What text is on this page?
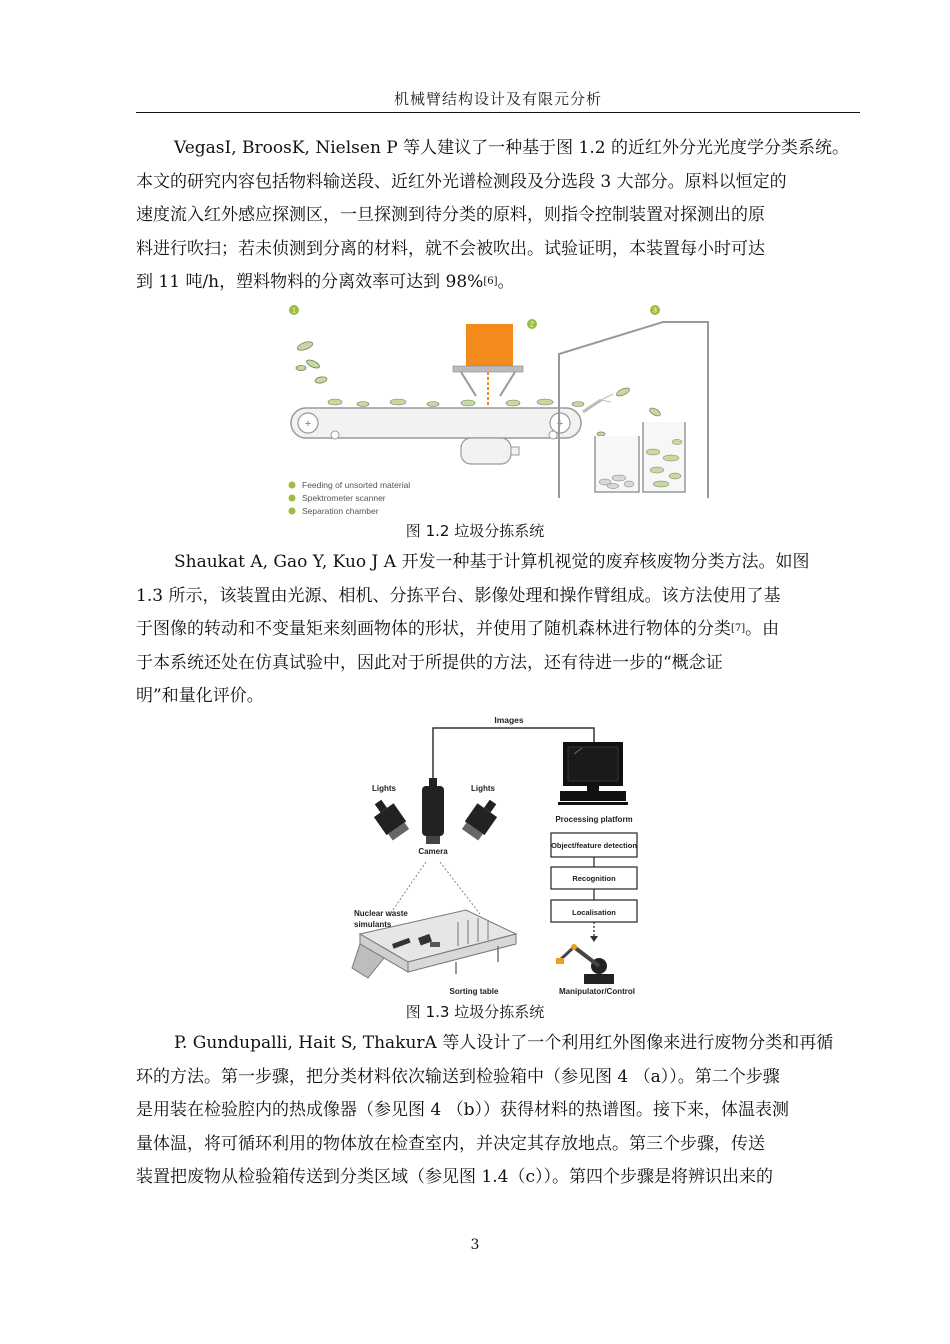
机械臂结构设计及有限元分析
VegasI, BroosK, Nielsen P 等人建议了一种基于图 1.2 的近红外分光光度学分类系统。
本文的研究内容包括物料输送段、近红外光谱检测段及分选段 3 大部分。原料以恒定的
速度流入红外感应探测区，一旦探测到待分类的原料，则指令控制装置对探测出的原
料进行吹扫；若未侦测到分离的材料，就不会被吹出。试验证明，本装置每小时可达
到 11 吨/h，塑料物料的分离效率可达到 98%[6]。
1
2
3
+	+
Feeding of unsorted material
Spektrometer scanner
Separation chamber
图 1.2 垃圾分拣系统
Shaukat A, Gao Y, Kuo J A 开发一种基于计算机视觉的废弃核废物分类方法。如图
1.3 所示，该装置由光源、相机、分拣平台、影像处理和操作臂组成。该方法使用了基
于图像的转动和不变量矩来刻画物体的形状，并使用了随机森林进行物体的分类[7]。由
于本系统还处在仿真试验中，因此对于所提供的方法，还有待进一步的“概念证
明”和量化评价。
Images
Processing platform
Object/feature detection
Recognition
Localisation
Manipulator/Control
Lights	Lights
Camera
Nuclear waste
simulants
Sorting table
图 1.3 垃圾分拣系统
P. Gundupalli, Hait S, ThakurA 等人设计了一个利用红外图像来进行废物分类和再循
环的方法。第一步骤，把分类材料依次输送到检验箱中（参见图 4 （a））。第二个步骤
是用装在检验腔内的热成像器（参见图 4 （b））获得材料的热谱图。接下来，体温表测
量体温，将可循环利用的物体放在检查室内，并决定其存放地点。第三个步骤，传送
装置把废物从检验箱传送到分类区域（参见图 1.4（c））。第四个步骤是将辨识出来的
3
